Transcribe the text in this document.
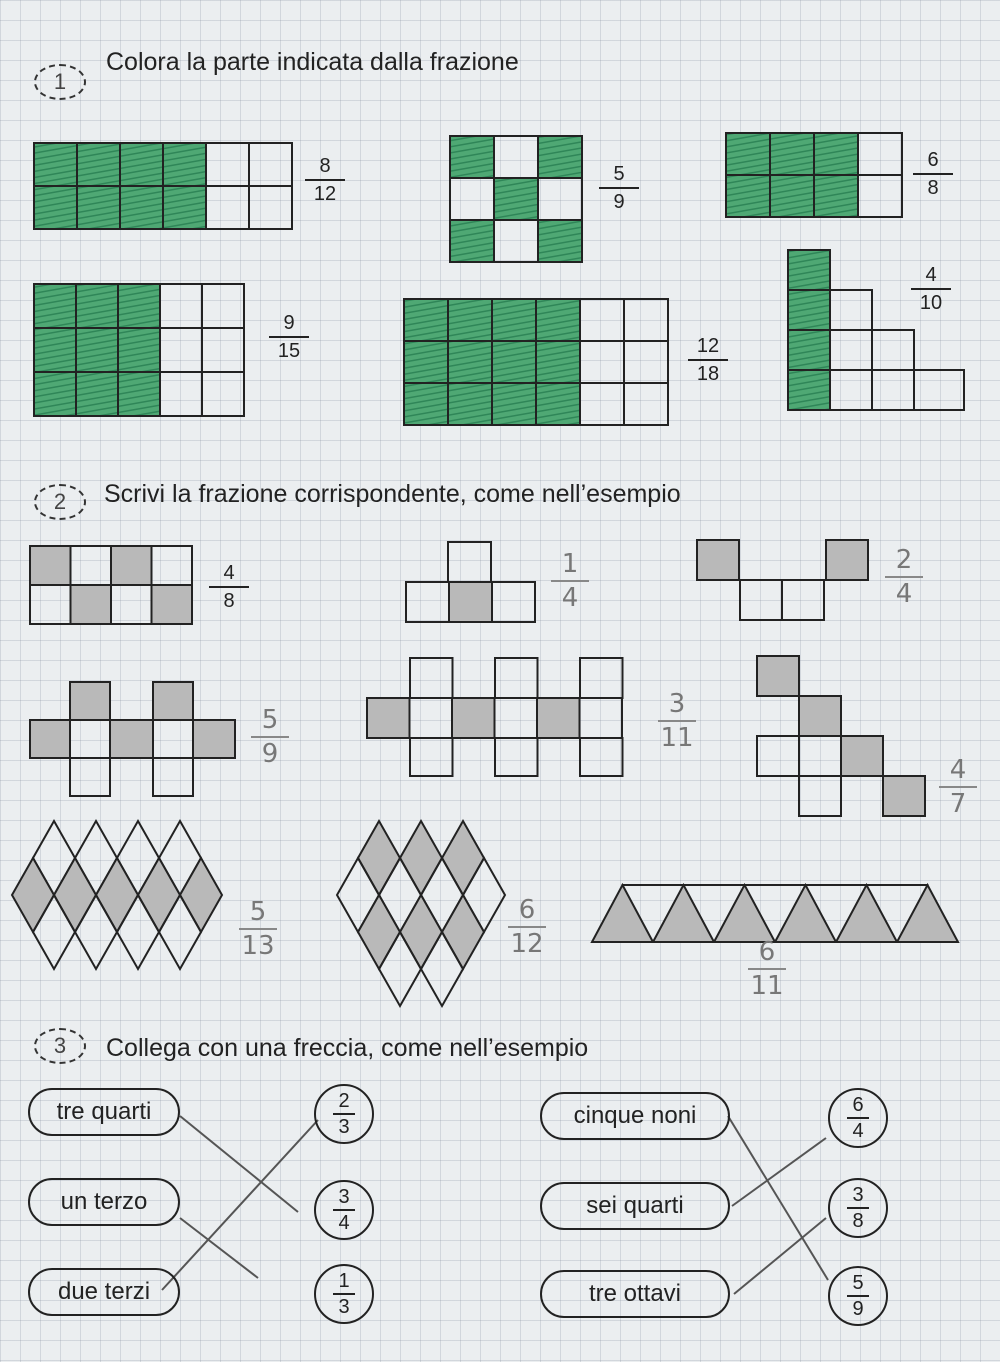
1
Colora la parte indicata dalla frazione
2 Scrivi la frazione corrispondente, come nell’esempio
3 Collega con una freccia, come nell’esempio
8
12
5
9
6
8
9
15	12
18
4
10
4
8
1
4
2
4
5
9
3
11
4
7
5
13
6
12	6
11
tre quarti
un terzo
due terzi
2
3
3
4
1
3
cinque noni
sei quarti
tre ottavi
6
4
3
8
5
9
